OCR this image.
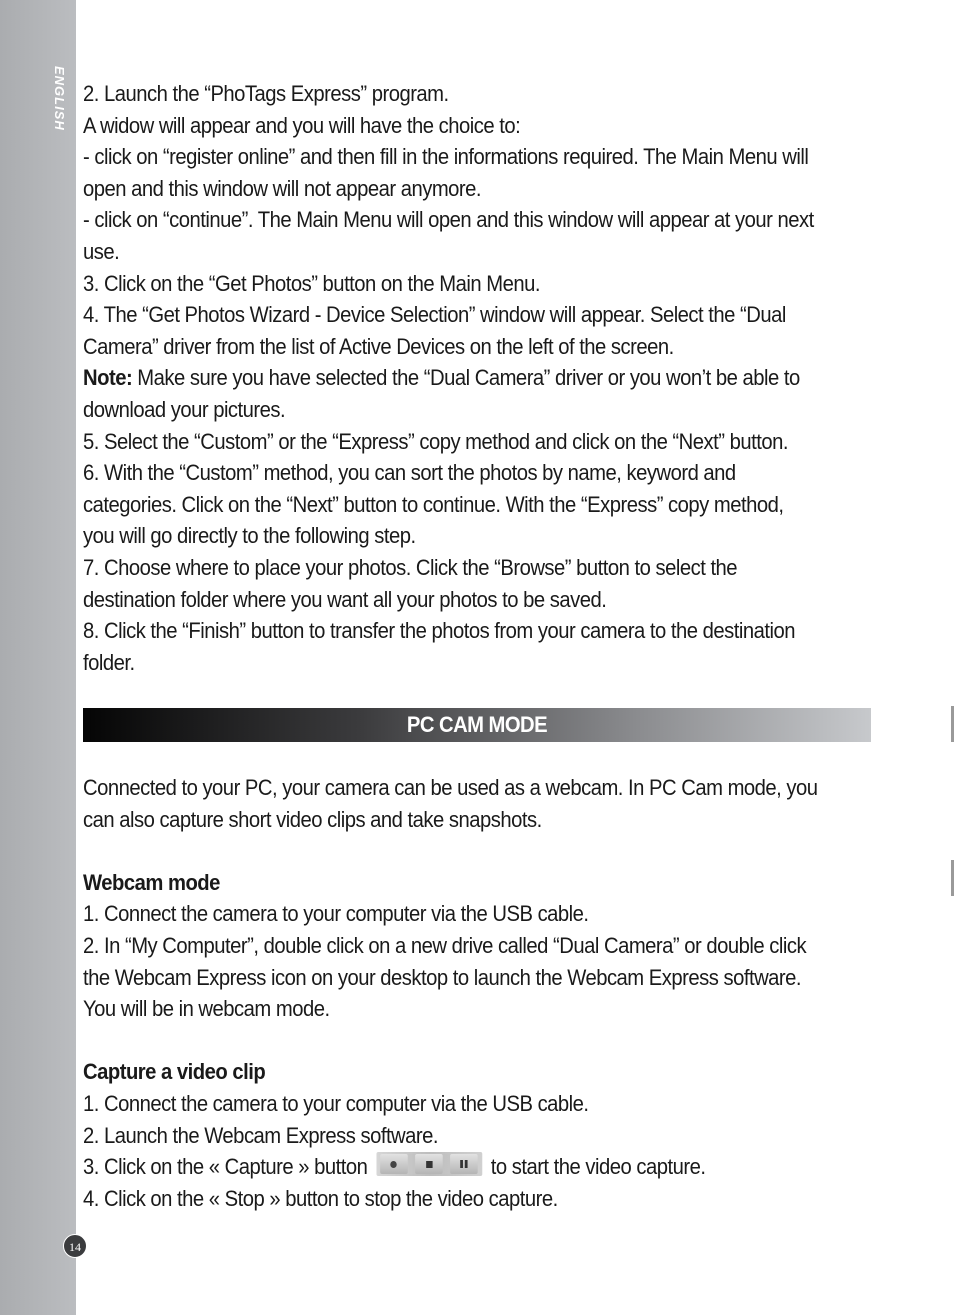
ENGLISH
14

2. Launch the “PhoTags Express” program.

A widow will appear and you will have the choice to:

- click on “register online” and then fill in the informations required. The Main Menu will open and this window will not appear anymore.

- click on “continue”. The Main Menu will open and this window will appear at your next use.

3. Click on the “Get Photos” button on the Main Menu.

4. The “Get Photos Wizard - Device Selection” window will appear. Select the “Dual Camera” driver from the list of Active Devices on the left of the screen.

Note: Make sure you have selected the “Dual Camera” driver or you won’t be able to download your pictures.

5. Select the “Custom” or the “Express” copy method and click on the “Next” button.

6. With the “Custom” method, you can sort the photos by name, keyword and categories. Click on the “Next” button to continue. With the “Express” copy method, you will go directly to the following step.

7. Choose where to place your photos. Click the “Browse” button to select the destination folder where you want all your photos to be saved.

8. Click the “Finish” button to transfer the photos from your camera to the destination folder.

PC CAM MODE

Connected to your PC, your camera can be used as a webcam. In PC Cam mode, you can also capture short video clips and take snapshots.

Webcam mode

1. Connect the camera to your computer via the USB cable.

2. In “My Computer”, double click on a new drive called “Dual Camera” or double click the Webcam Express icon on your desktop to launch the Webcam Express software. You will be in webcam mode.

Capture a video clip

1. Connect the camera to your computer via the USB cable.

2. Launch the Webcam Express software.

3. Click on the « Capture » button	to start the video capture.

4. Click on the « Stop » button to stop the video capture.
